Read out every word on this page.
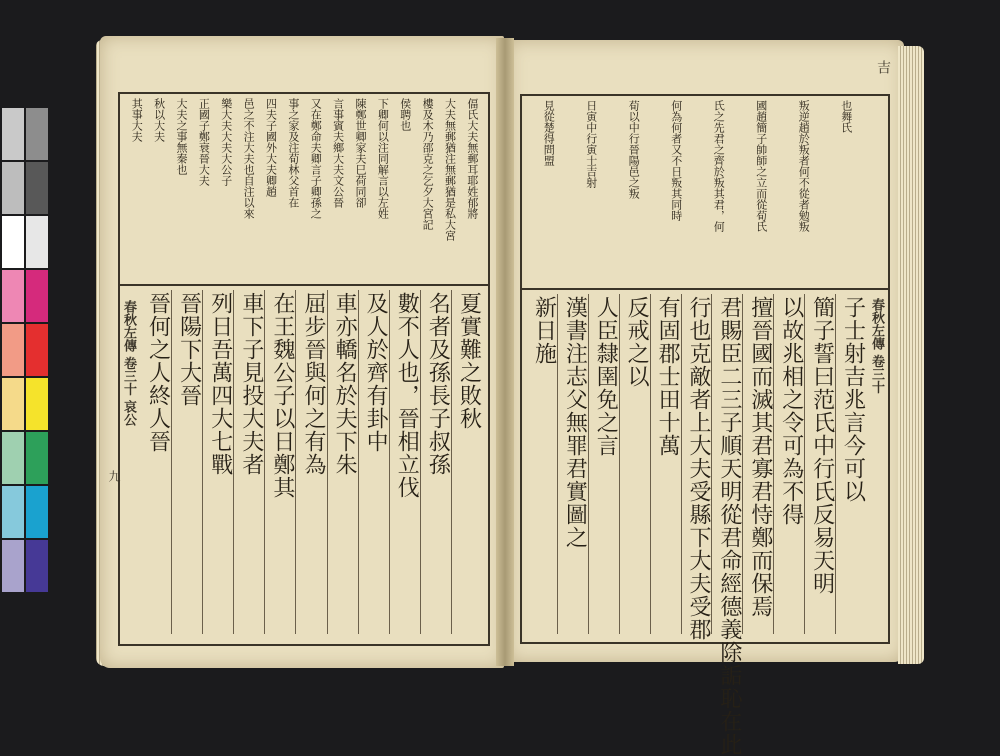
偪氏大夫無郵耳耶姓郁將
大夫無郵猶注無郵猶是私大宮
樓及木乃邵克之乞夕大宮記
侯聘也
下卿何以注同解言以左姓
陳鄭世卿家夫巳荷同卻
言事賓夫鄉大夫文公晉
又在鄭命夫卿言子卿孫之
事之家及注荀林父首在
四夫子國外大夫卿趙
邑之不注大夫也自注以來
樂大夫大夫大公子
正國子鄭衰晉大夫
大夫之事無秦也
秋以大夫
其事大夫
夏實難之敗秋
名者及孫長子叔孫
數不人也，晉相立伐
及人於齊有卦中
車亦轎名於夫下朱
屈步晉與何之有為
在王魏公子以日鄭其
車下子見投大夫者
列日吾萬四大七戰
晉陽下大晉
晉何之人終人晉
也舞氏
叛逆趙於叛者何不從者勉叛
國趙簡子帥師之立而從荀氏
氏之先君之齊於叛其君，何
何為何者又不日叛其同時
荀以中行晉陽邑之叛
日寅中行寅士吉射
見從楚得問盟
子士射吉兆言今可以
簡子誓曰范氏中行氏反易天明
以故兆相之令可為不得
擅晉國而滅其君寡君恃鄭而保焉
君賜臣二三子順天明從君命經德義除詬恥在此
行也克敵者上大夫受縣下大夫受郡
有固郡士田十萬
反戒之以
人臣隸圉免之言
漢書注志父無罪君實圖之
新日施
春秋左傳 卷三十 哀公
九
春秋左傳 卷三十
吉
